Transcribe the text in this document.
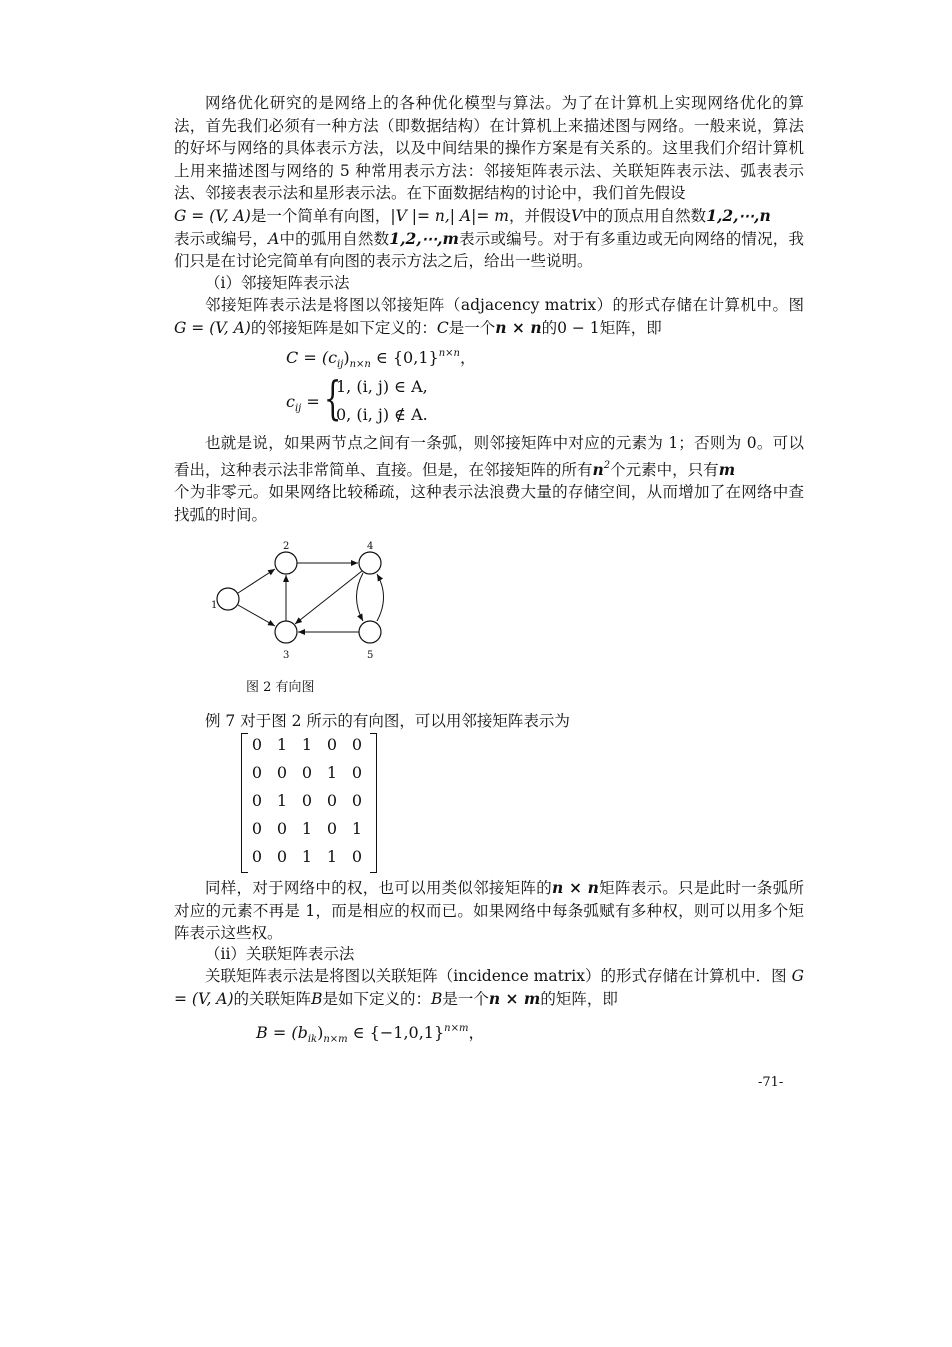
网络优化研究的是网络上的各种优化模型与算法。为了在计算机上实现网络优化的算法，首先我们必须有一种方法（即数据结构）在计算机上来描述图与网络。一般来说，算法的好坏与网络的具体表示方法，以及中间结果的操作方案是有关系的。这里我们介绍计算机上用来描述图与网络的 5 种常用表示方法：邻接矩阵表示法、关联矩阵表示法、弧表表示法、邻接表表示法和星形表示法。在下面数据结构的讨论中，我们首先假设
G = (V, A)是一个简单有向图，|V |= n,| A|= m，并假设V中的顶点用自然数1,2,⋯,n
表示或编号，A中的弧用自然数1,2,⋯,m表示或编号。对于有多重边或无向网络的情况，我们只是在讨论完简单有向图的表示方法之后，给出一些说明。
（i）邻接矩阵表示法
邻接矩阵表示法是将图以邻接矩阵（adjacency matrix）的形式存储在计算机中。图 G = (V, A)的邻接矩阵是如下定义的：C是一个n × n的0 − 1矩阵，即
$C = (c_{ij})_{n\times n}$ ∈ $\{0,1\}^{n\times n}$，
$c_{ij}$ = {
1, (i, j) ∈ A,
0, (i, j) ∉ A.
也就是说，如果两节点之间有一条弧，则邻接矩阵中对应的元素为 1；否则为 0。可以看出，这种表示法非常简单、直接。但是，在邻接矩阵的所有$n^2$个元素中，只有m
个为非零元。如果网络比较稀疏，这种表示法浪费大量的存储空间，从而增加了在网络中查找弧的时间。
1
2
3
4
5
图 2 有向图
例 7 对于图 2 所示的有向图，可以用邻接矩阵表示为
0 1 1 0 0
0 0 0 1 0
0 1 0 0 0
0 0 1 0 1
0 0 1 1 0
同样，对于网络中的权，也可以用类似邻接矩阵的n × n矩阵表示。只是此时一条弧所对应的元素不再是 1，而是相应的权而已。如果网络中每条弧赋有多种权，则可以用多个矩阵表示这些权。
（ii）关联矩阵表示法
关联矩阵表示法是将图以关联矩阵（incidence matrix）的形式存储在计算机中．图 G = (V, A)的关联矩阵B是如下定义的：B是一个n × m的矩阵，即
$B = (b_{ik})_{n\times m}$ ∈ $\{-1,0,1\}^{n\times m}$，
-71-
